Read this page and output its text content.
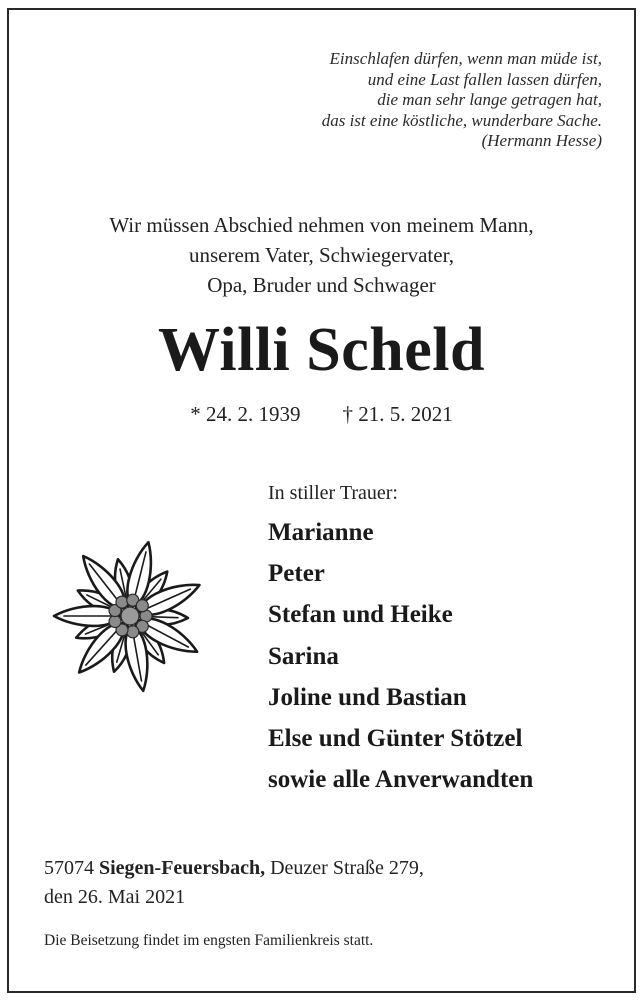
Einschlafen dürfen, wenn man müde ist,
und eine Last fallen lassen dürfen,
die man sehr lange getragen hat,
das ist eine köstliche, wunderbare Sache.
(Hermann Hesse)
Wir müssen Abschied nehmen von meinem Mann,
unserem Vater, Schwiegervater,
Opa, Bruder und Schwager
Willi Scheld
* 24. 2. 1939 † 21. 5. 2021
In stiller Trauer:
Marianne
Peter
Stefan und Heike
Sarina
Joline und Bastian
Else und Günter Stötzel
sowie alle Anverwandten
57074 Siegen-Feuersbach, Deuzer Straße 279,
den 26. Mai 2021
Die Beisetzung findet im engsten Familienkreis statt.
